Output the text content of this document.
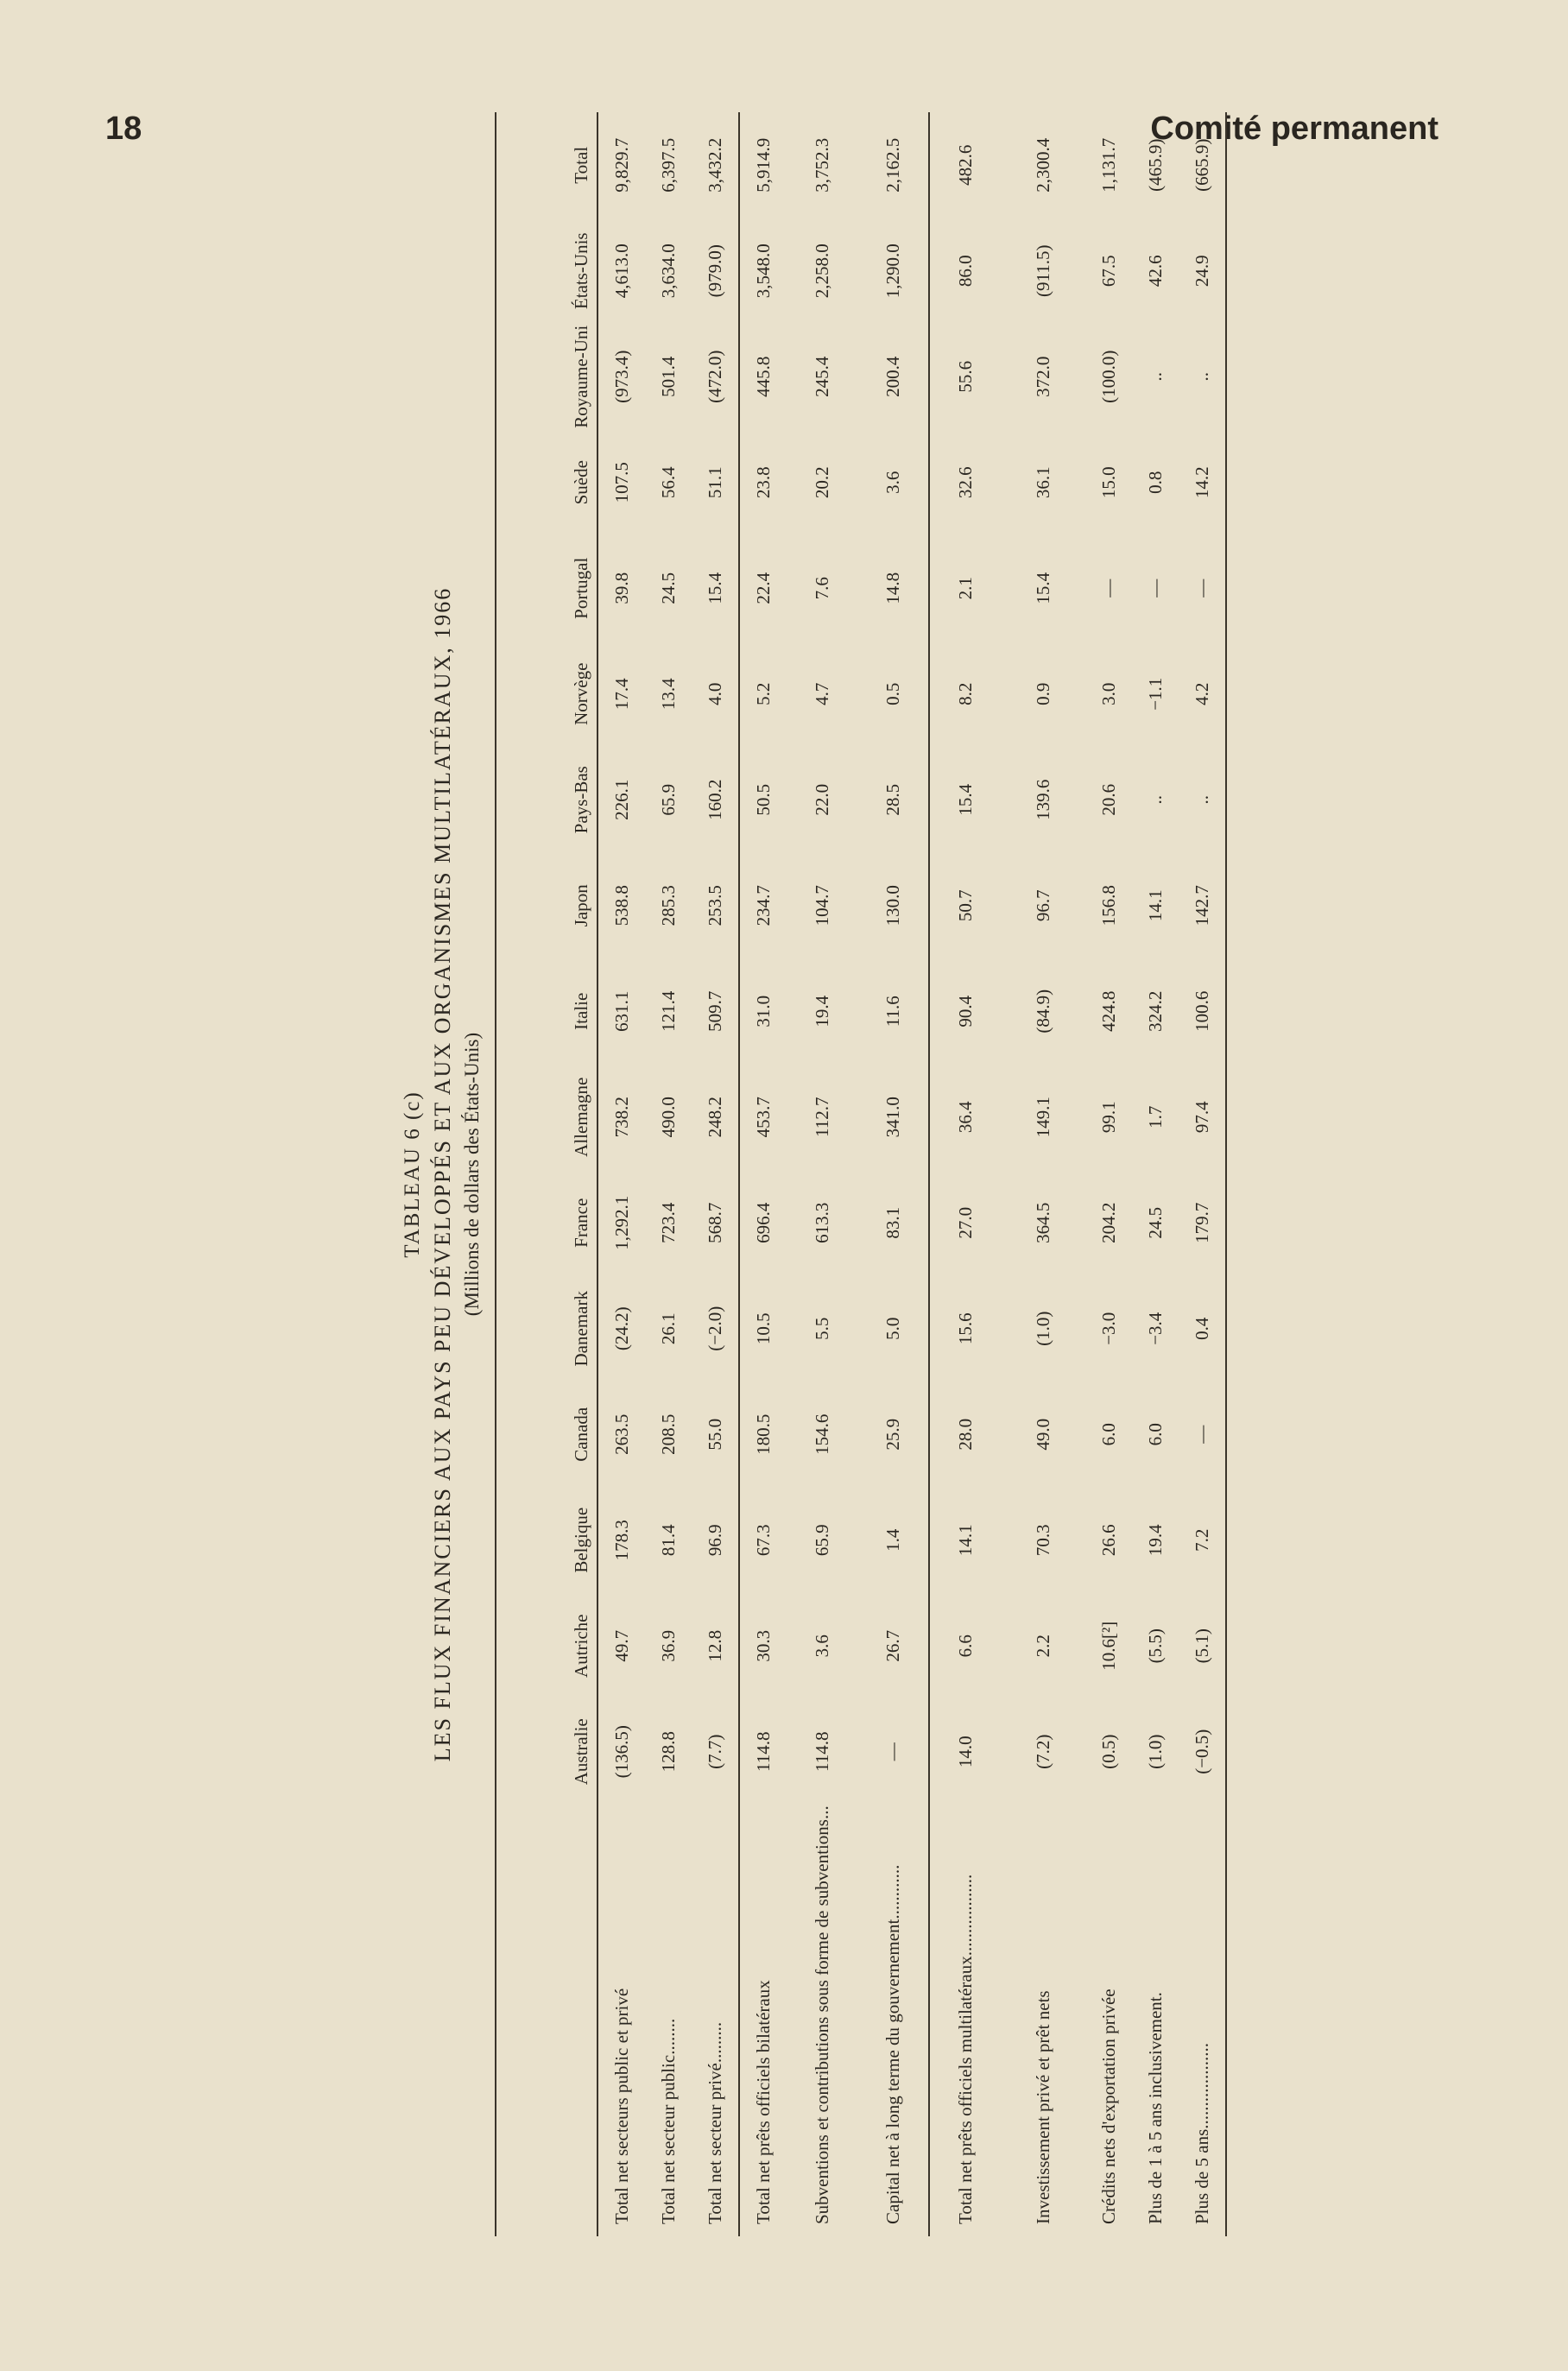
18	Comité permanent
TABLEAU 6 (c) LES FLUX FINANCIERS AUX PAYS PEU DÉVELOPPÉS ET AUX ORGANISMES MULTILATÉRAUX, 1966 (Millions de dollars des États-Unis)
	Australie	Autriche	Belgique	Canada	Danemark	France	Allemagne	Italie	Japon	Pays-Bas	Norvège	Portugal	Suède	Royaume-Uni	États-Unis	Total
Total net secteurs public et privé	(136.5)	49.7	178.3	263.5	(24.2)	1,292.1	738.2	631.1	538.8	226.1	17.4	39.8	107.5	(973.4)	4,613.0	9,829.7
Total net secteur public........	128.8	36.9	81.4	208.5	26.1	723.4	490.0	121.4	285.3	65.9	13.4	24.5	56.4	501.4	3,634.0	6,397.5
Total net secteur privé.........	(7.7)	12.8	96.9	55.0	(−2.0)	568.7	248.2	509.7	253.5	160.2	4.0	15.4	51.1	(472.0)	(979.0)	3,432.2

Total net prêts officiels bilatéraux	114.8	30.3	67.3	180.5	10.5	696.4	453.7	31.0	234.7	50.5	5.2	22.4	23.8	445.8	3,548.0	5,914.9
Subventions et contributions sous forme de subventions...	114.8	3.6	65.9	154.6	5.5	613.3	112.7	19.4	104.7	22.0	4.7	7.6	20.2	245.4	2,258.0	3,752.3
Capital net à long terme du gouvernement............	—	26.7	1.4	25.9	5.0	83.1	341.0	11.6	130.0	28.5	0.5	14.8	3.6	200.4	1,290.0	2,162.5

Total net prêts officiels multilatéraux..................	14.0	6.6	14.1	28.0	15.6	27.0	36.4	90.4	50.7	15.4	8.2	2.1	32.6	55.6	86.0	482.6

Investissement privé et prêt nets	(7.2)	2.2	70.3	49.0	(1.0)	364.5	149.1	(84.9)	96.7	139.6	0.9	15.4	36.1	372.0	(911.5)	2,300.4

Crédits nets d'exportation privée	(0.5)	10.6[²]	26.6	6.0	−3.0	204.2	99.1	424.8	156.8	20.6	3.0	—	15.0	(100.0)	67.5	1,131.7
Plus de 1 à 5 ans inclusivement.	(1.0)	(5.5)	19.4	6.0	−3.4	24.5	1.7	324.2	14.1	..	−1.1	—	0.8	..	42.6	(465.9)
Plus de 5 ans...................	(−0.5)	(5.1)	7.2	—	0.4	179.7	97.4	100.6	142.7	..	4.2	—	14.2	..	24.9	(665.9)
